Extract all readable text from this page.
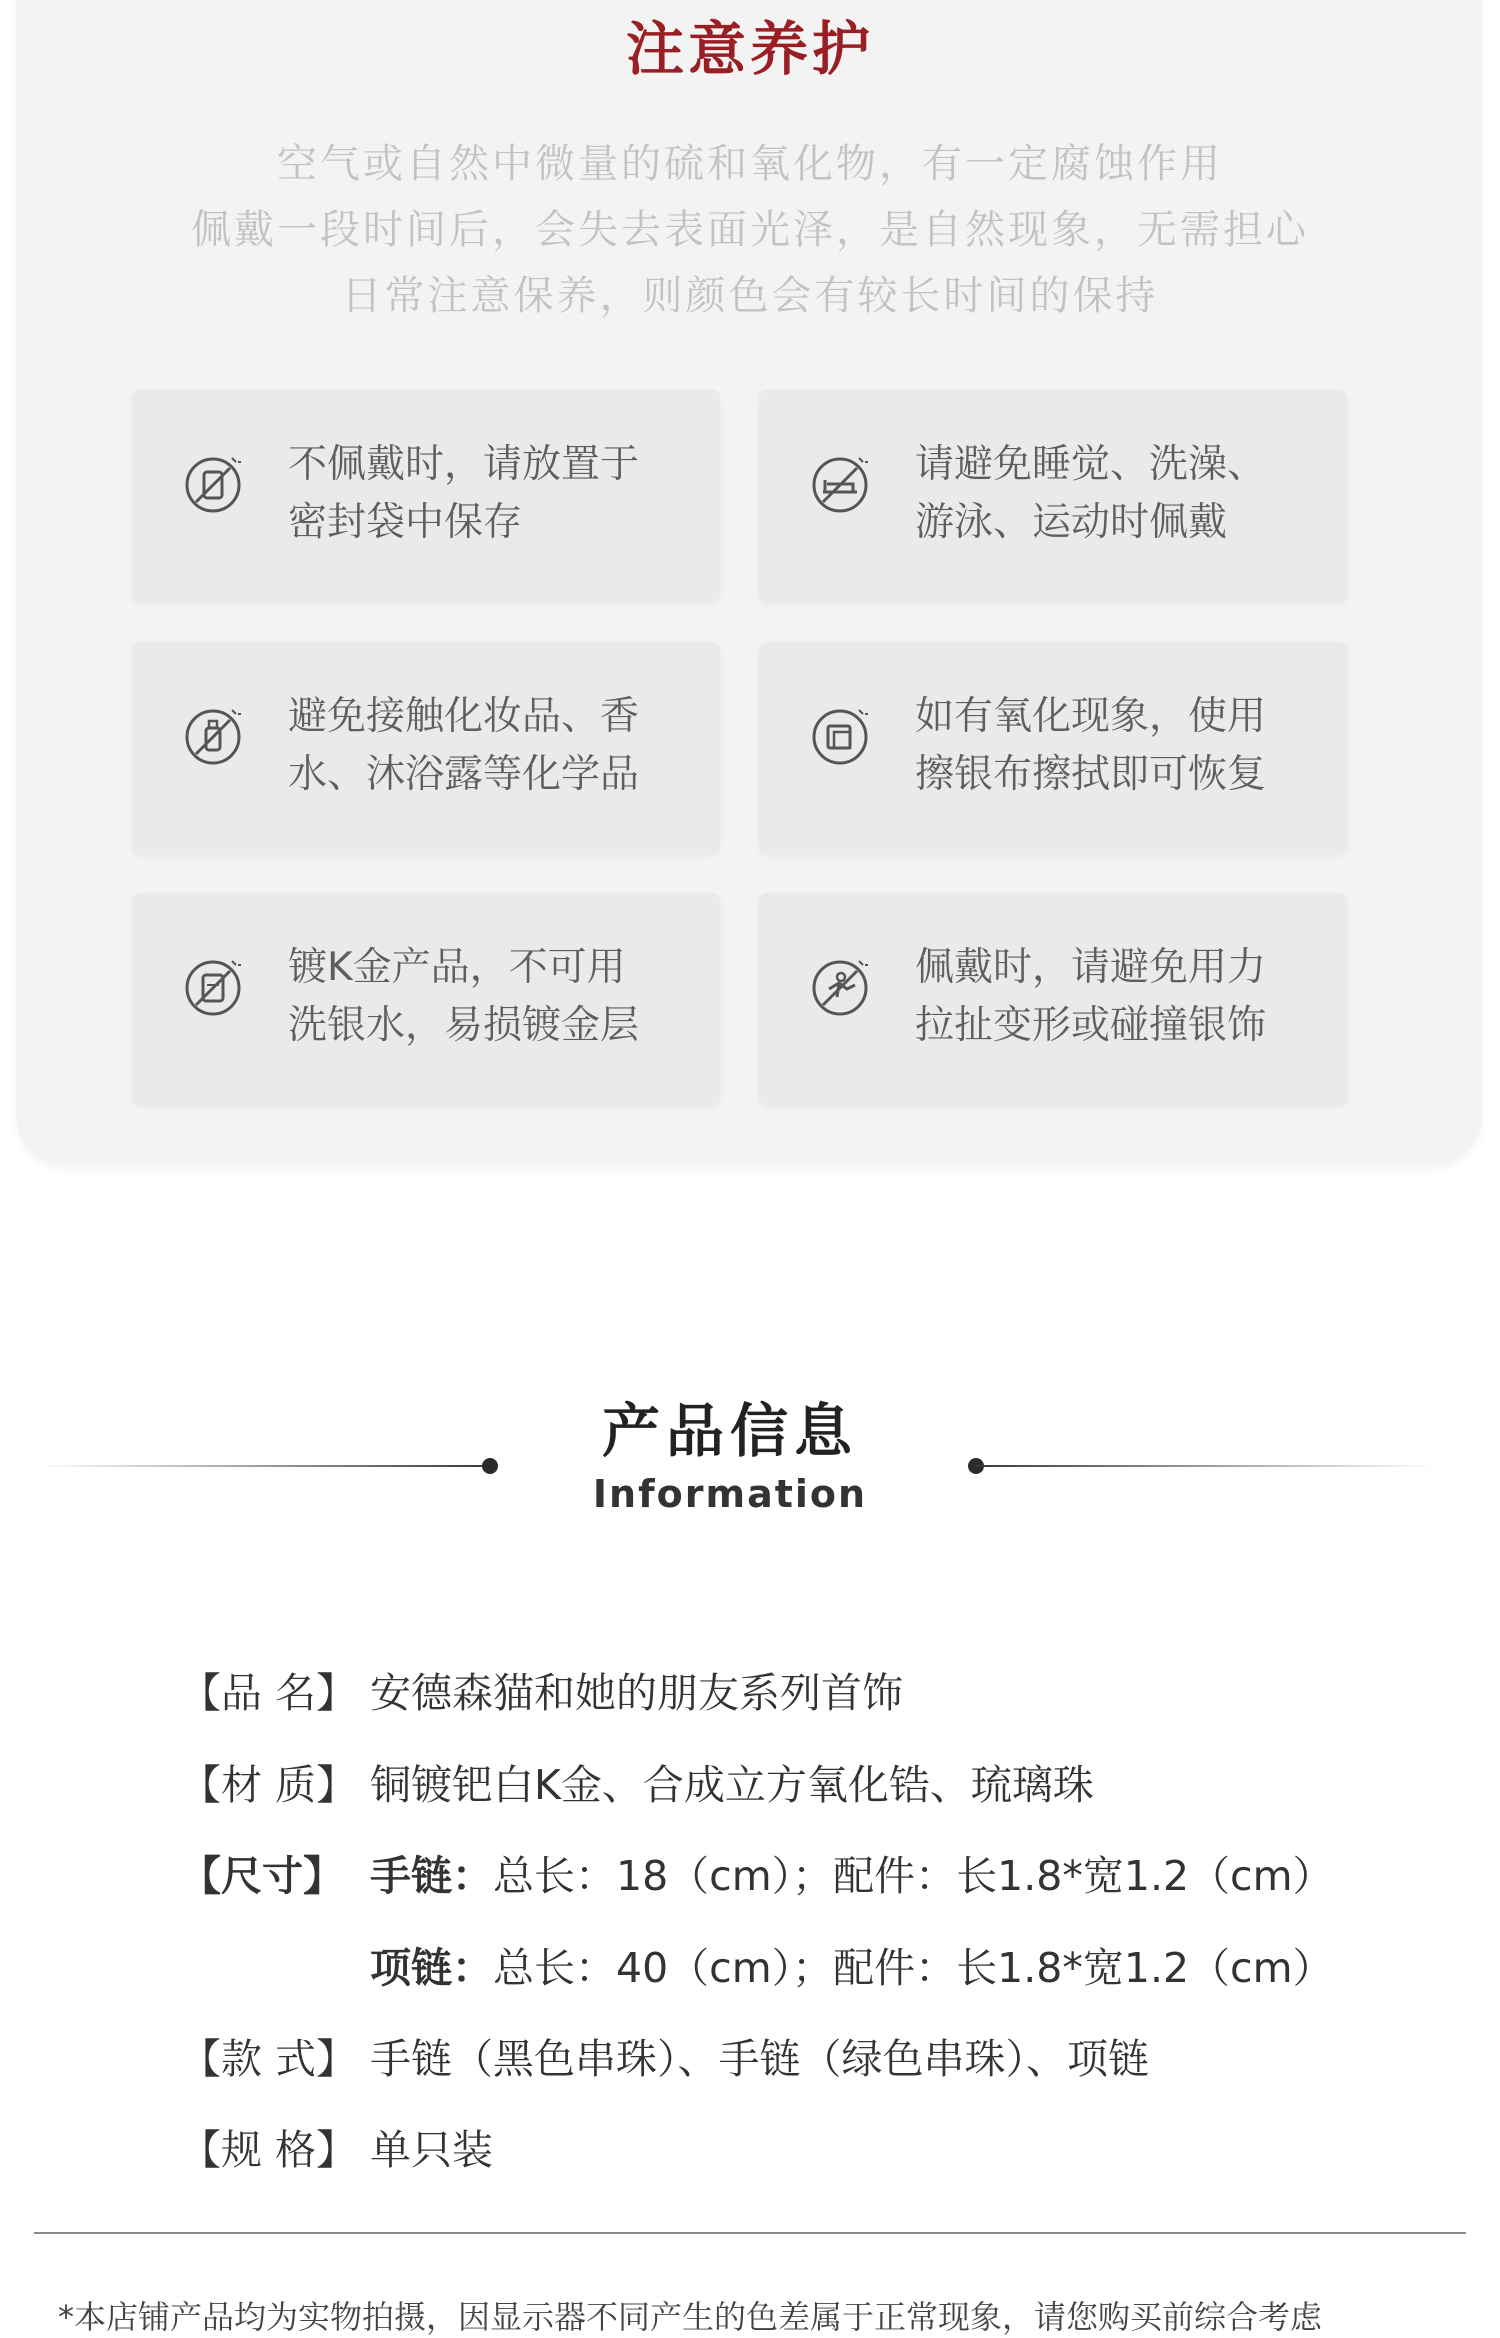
注意养护
空气或自然中微量的硫和氧化物，有一定腐蚀作用
佩戴一段时间后，会失去表面光泽，是自然现象，无需担心
日常注意保养，则颜色会有较长时间的保持
不佩戴时，请放置于
密封袋中保存
请避免睡觉、洗澡、
游泳、运动时佩戴
避免接触化妆品、香
水、沐浴露等化学品
如有氧化现象，使用
擦银布擦拭即可恢复
镀K金产品，不可用
洗银水，易损镀金层
佩戴时，请避免用力
拉扯变形或碰撞银饰
产品信息
Information
【品 名】 安德森猫和她的朋友系列首饰
【材 质】 铜镀钯白K金、合成立方氧化锆、琉璃珠
【尺寸】 手链：总长：18（cm）；配件：长1.8*宽1.2（cm）
项链：总长：40（cm）；配件：长1.8*宽1.2（cm）
【款 式】 手链（黑色串珠）、手链（绿色串珠）、项链
【规 格】 单只装
*本店铺产品均为实物拍摄，因显示器不同产生的色差属于正常现象，请您购买前综合考虑
